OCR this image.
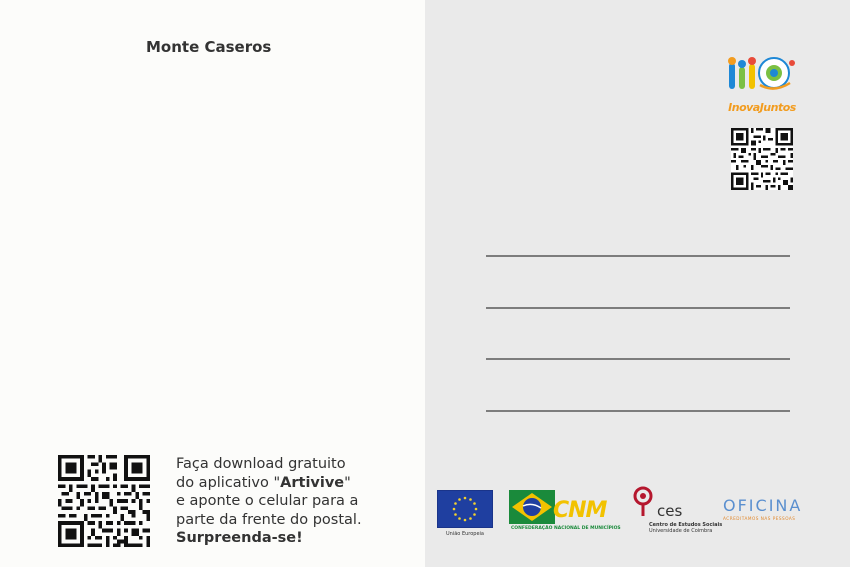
Monte Caseros
Faça download gratuito
do aplicativo "Artivive"
e aponte o celular para a
parte da frente do postal.
Surpreenda-se!
InovaJuntos
União Europeia
CNM
CONFEDERAÇÃO NACIONAL DE MUNICÍPIOS
ces
Centro de Estudos Sociais
Universidade de Coimbra
OFICINA
ACREDITAMOS NAS PESSOAS
